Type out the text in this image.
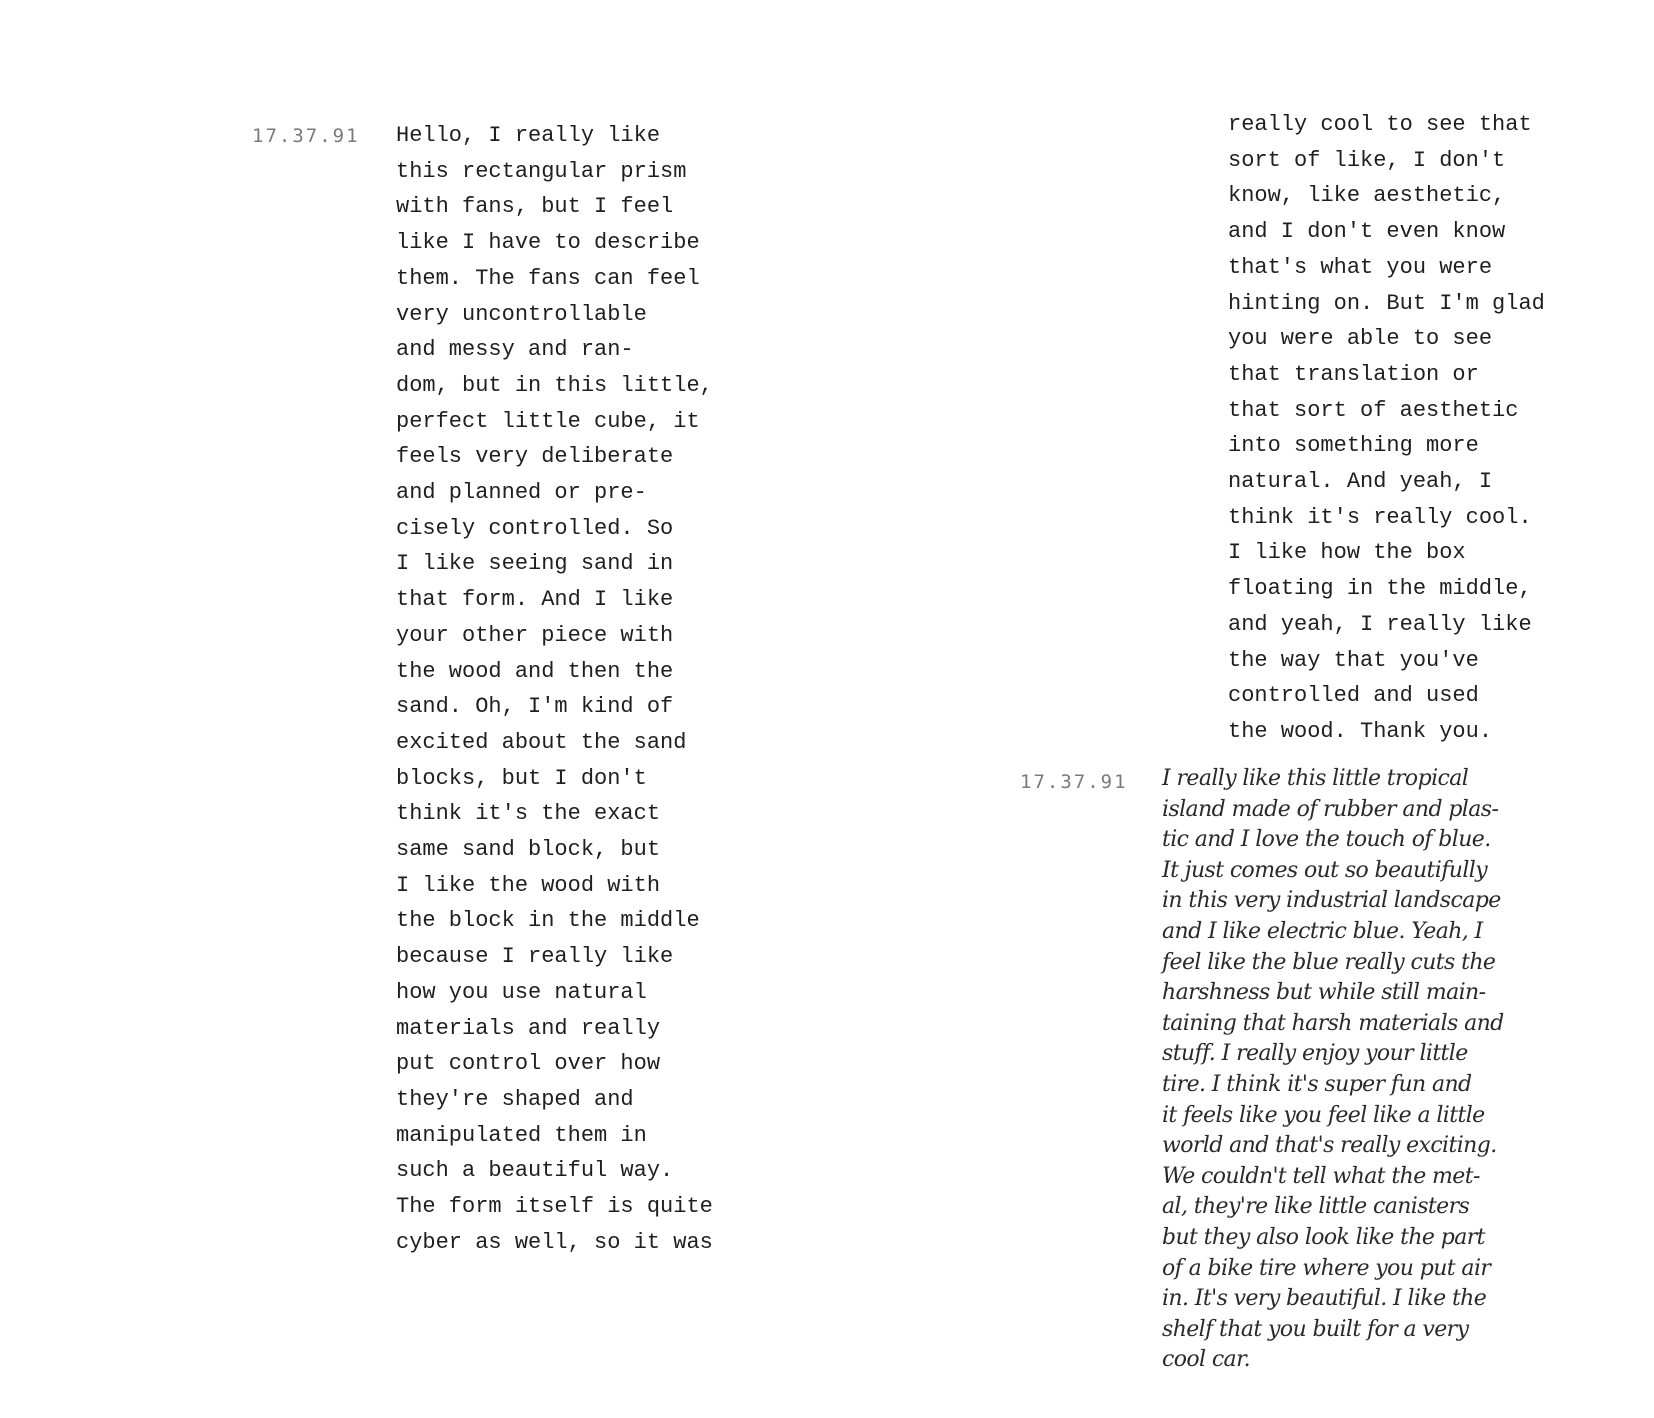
17.37.91 Hello, I really like
this rectangular prism
with fans, but I feel
like I have to describe
them. The fans can feel
very uncontrollable
and messy and ran-
dom, but in this little,
perfect little cube, it
feels very deliberate
and planned or pre-
cisely controlled. So
I like seeing sand in
that form. And I like
your other piece with
the wood and then the
sand. Oh, I'm kind of
excited about the sand
blocks, but I don't
think it's the exact
same sand block, but
I like the wood with
the block in the middle
because I really like
how you use natural
materials and really
put control over how
they're shaped and
manipulated them in
such a beautiful way.
The form itself is quite
cyber as well, so it was
really cool to see that
sort of like, I don't
know, like aesthetic,
and I don't even know
that's what you were
hinting on. But I'm glad
you were able to see
that translation or
that sort of aesthetic
into something more
natural. And yeah, I
think it's really cool.
I like how the box
floating in the middle,
and yeah, I really like
the way that you've
controlled and used
the wood. Thank you.
17.37.91 I really like this little tropical
island made of rubber and plas-
tic and I love the touch of blue.
It just comes out so beautifully
in this very industrial landscape
and I like electric blue. Yeah, I
feel like the blue really cuts the
harshness but while still main-
taining that harsh materials and
stuff. I really enjoy your little
tire. I think it's super fun and
it feels like you feel like a little
world and that's really exciting.
We couldn't tell what the met-
al, they're like little canisters
but they also look like the part
of a bike tire where you put air
in. It's very beautiful. I like the
shelf that you built for a very
cool car.
